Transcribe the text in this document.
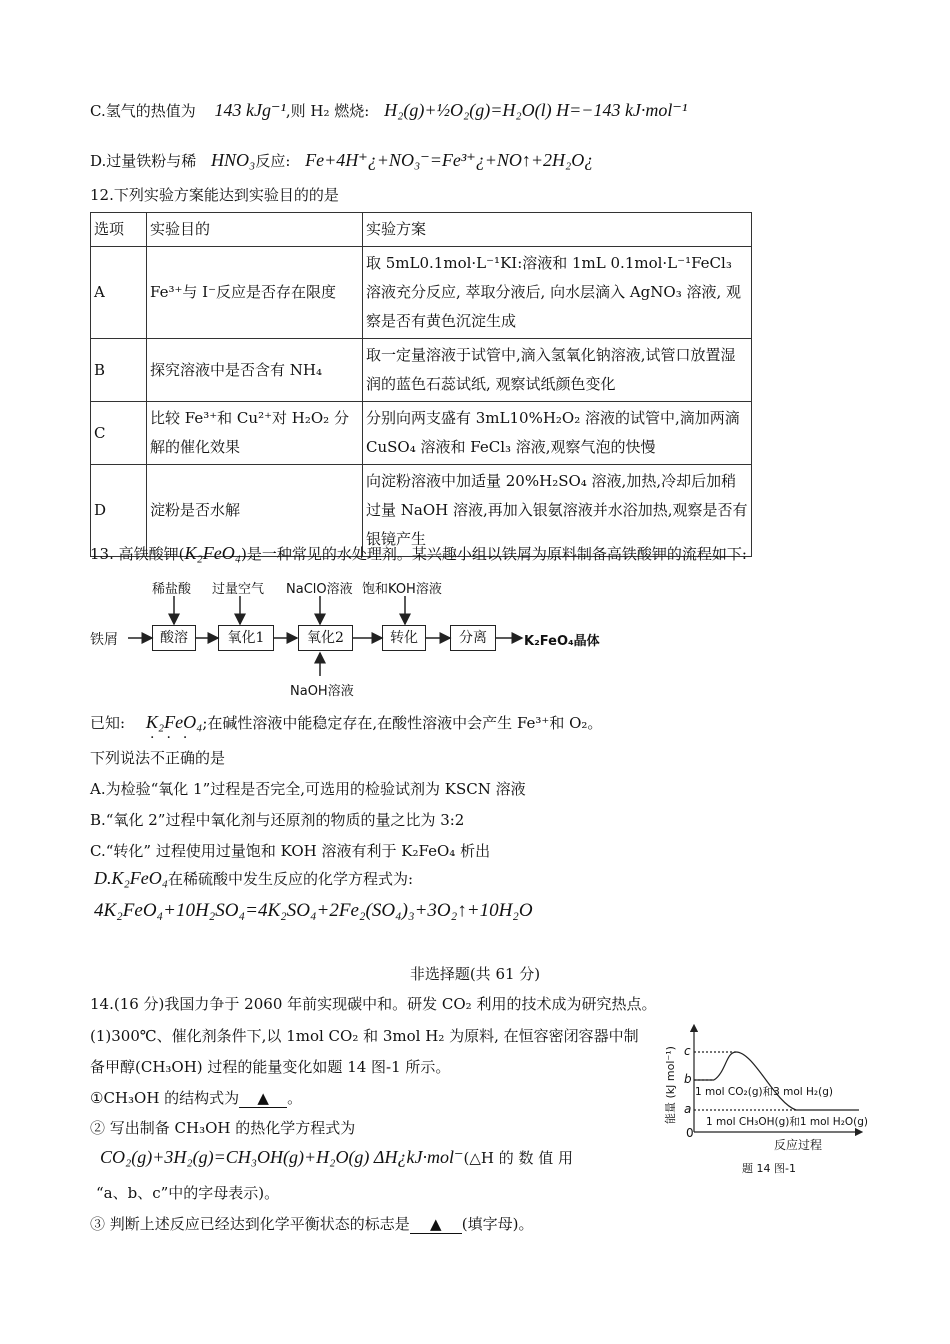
C.氢气的热值为 143 kJg⁻¹,则 H₂ 燃烧: H₂(g)+½O₂(g)=H₂O(l) H=−143 kJ·mol⁻¹
D.过量铁粉与稀 HNO₃反应: Fe+4H⁺¿+NO₃⁻=Fe³⁺¿+NO↑+2H₂O¿
12.下列实验方案能达到实验目的的是
选项	实验目的	实验方案
A	Fe³⁺与 I⁻反应是否存在限度	取 5mL0.1mol·L⁻¹KI:溶液和 1mL 0.1mol·L⁻¹FeCl₃ 溶液充分反应, 萃取分液后, 向水层滴入 AgNO₃ 溶液, 观察是否有黄色沉淀生成
B	探究溶液中是否含有 NH₄	取一定量溶液于试管中,滴入氢氧化钠溶液,试管口放置湿润的蓝色石蕊试纸, 观察试纸颜色变化
C	比较 Fe³⁺和 Cu²⁺对 H₂O₂ 分解的催化效果	分别向两支盛有 3mL10%H₂O₂ 溶液的试管中,滴加两滴 CuSO₄ 溶液和 FeCl₃ 溶液,观察气泡的快慢
D	淀粉是否水解	向淀粉溶液中加适量 20%H₂SO₄ 溶液,加热,冷却后加稍过量 NaOH 溶液,再加入银氨溶液并水浴加热,观察是否有银镜产生
13. 高铁酸钾(K₂FeO₄)是一种常见的水处理剂。某兴趣小组以铁屑为原料制备高铁酸钾的流程如下:
铁屑	酸溶	氧化1	氧化2	转化	分离	K₂FeO₄晶体
稀盐酸 过量空气 NaClO溶液 饱和KOH溶液
NaOH溶液
已知: K₂FeO₄;在碱性溶液中能稳定存在,在酸性溶液中会产生 Fe³⁺和 O₂。
下列说法不正确的是
···
A.为检验“氧化 1”过程是否完全,可选用的检验试剂为 KSCN 溶液
B.“氧化 2”过程中氧化剂与还原剂的物质的量之比为 3:2
C.“转化” 过程使用过量饱和 KOH 溶液有利于 K₂FeO₄ 析出
D.K₂FeO₄在稀硫酸中发生反应的化学方程式为:
4K₂FeO₄+10H₂SO₄=4K₂SO₄+2Fe₂(SO₄)₃+3O₂↑+10H₂O
非选择题(共 61 分)
14.(16 分)我国力争于 2060 年前实现碳中和。研发 CO₂ 利用的技术成为研究热点。
(1)300℃、催化剂条件下,以 1mol CO₂ 和 3mol H₂ 为原料, 在恒容密闭容器中制
备甲醇(CH₃OH) 过程的能量变化如题 14 图-1 所示。
①CH₃OH 的结构式为 ▲ 。
② 写出制备 CH₃OH 的热化学方程式为
CO₂(g)+3H₂(g)=CH₃OH(g)+H₂O(g) ΔH¿kJ·mol⁻(△H 的 数 值 用
“a、b、c”中的字母表示)。
③ 判断上述反应已经达到化学平衡状态的标志是 ▲ (填字母)。
c
b
a
0
能量 (kJ mol⁻¹) 1 mol CO₂(g)和3 mol H₂(g)
1 mol CH₃OH(g)和1 mol H₂O(g)
反应过程
题 14 图-1
